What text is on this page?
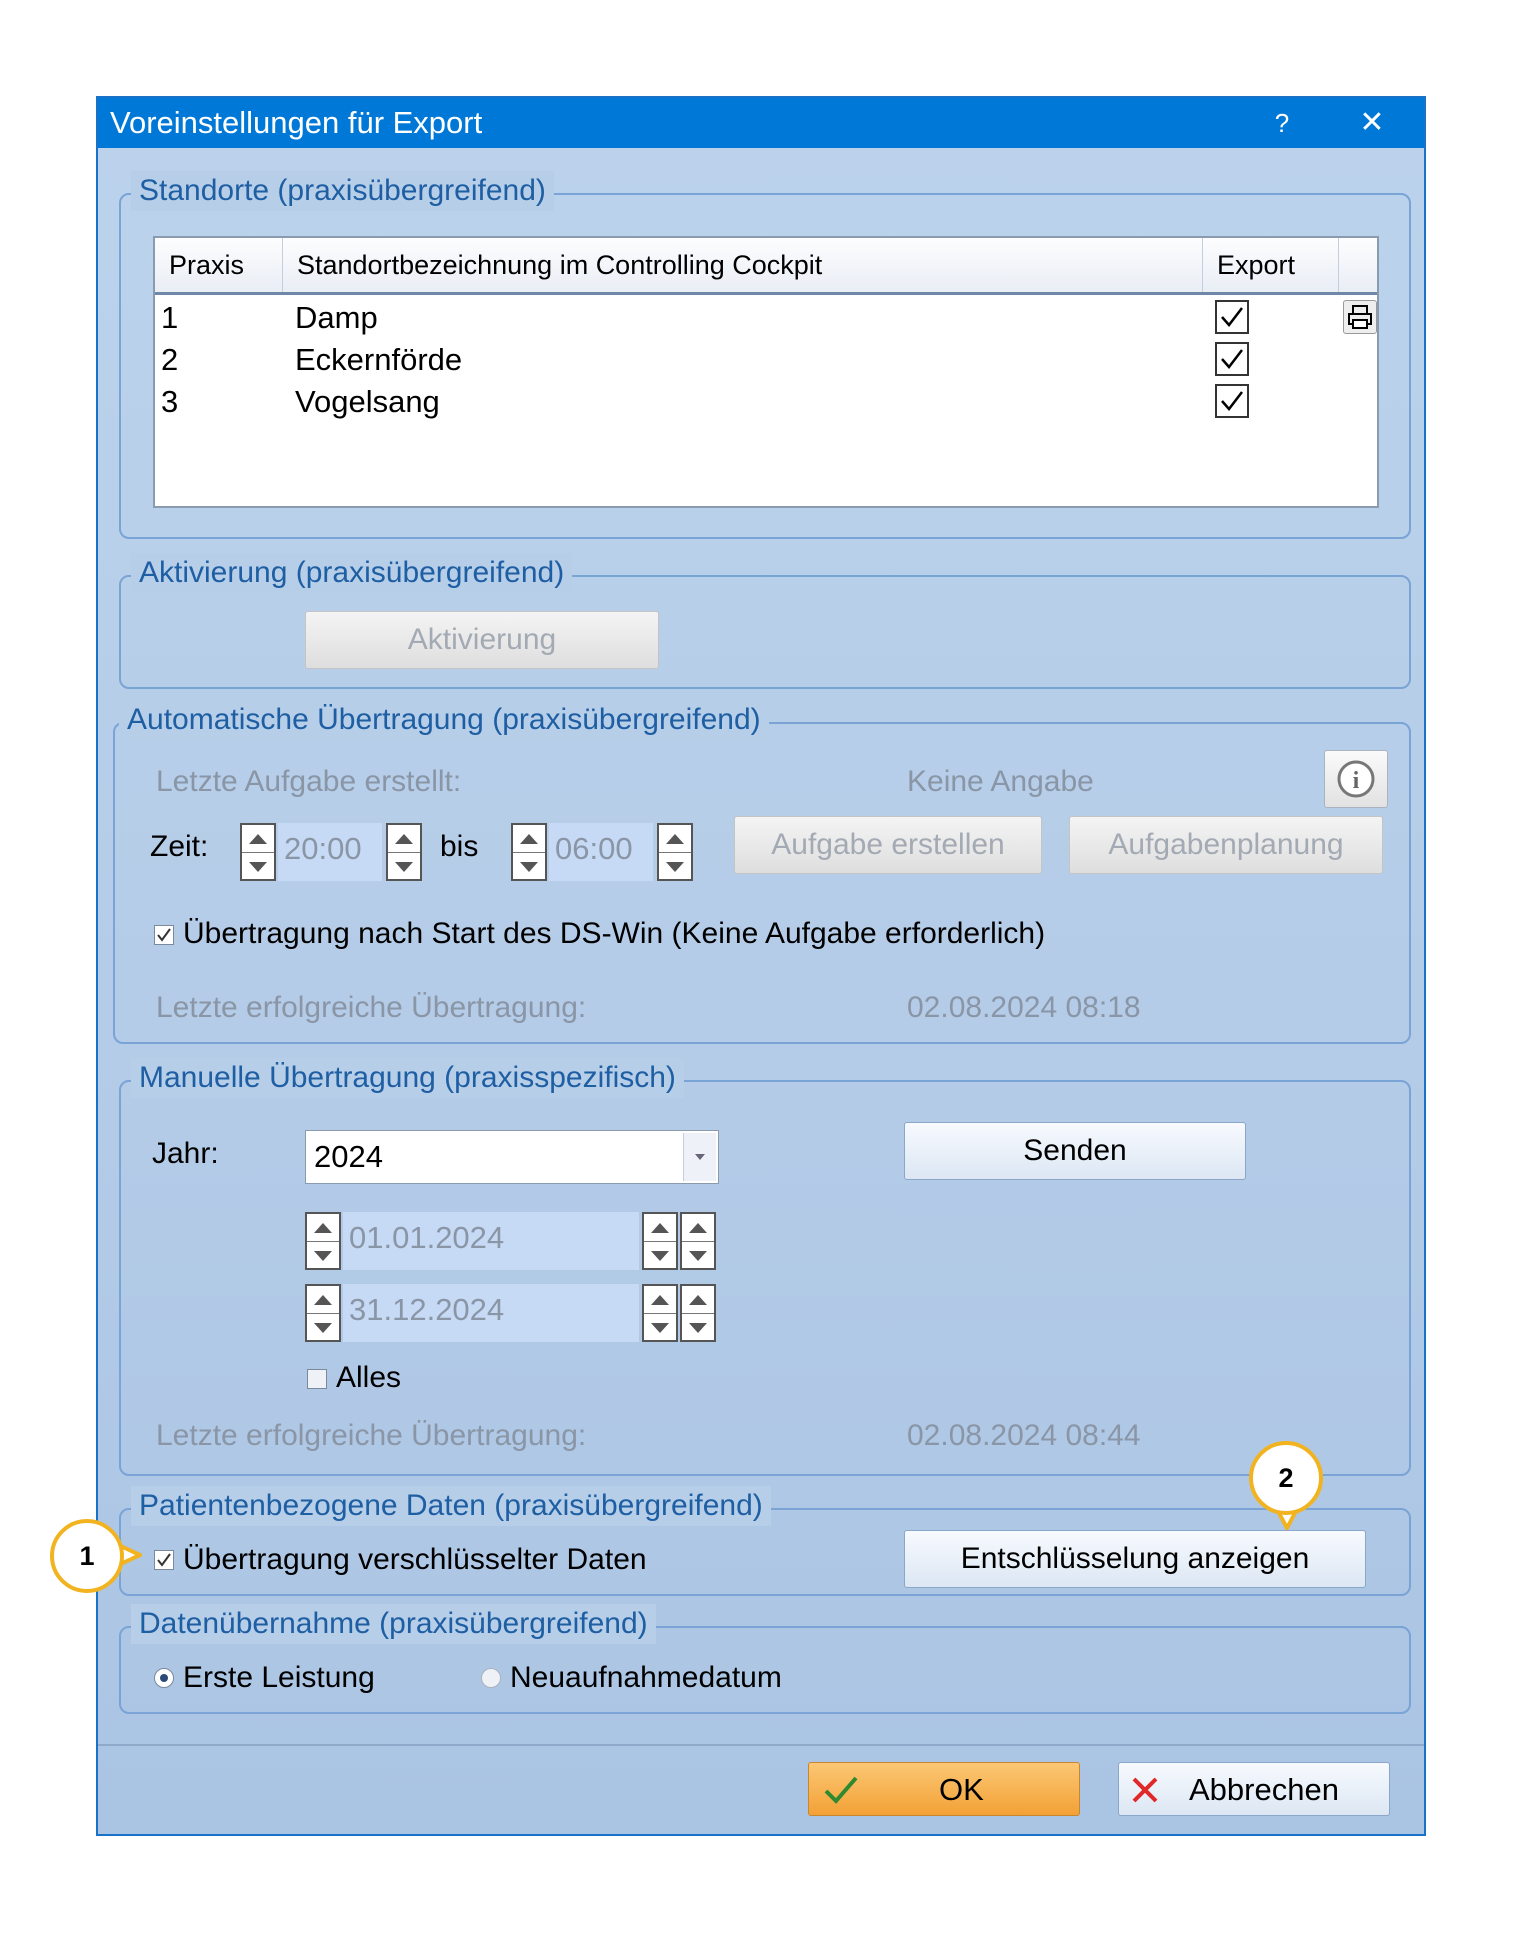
Voreinstellungen für Export	?	✕
Standorte (praxisübergreifend)
Praxis	Standortbezeichnung im Controlling Cockpit	Export
1	Damp
2	Eckernförde
3	Vogelsang
Aktivierung (praxisübergreifend)
Aktivierung
Automatische Übertragung (praxisübergreifend)
Letzte Aufgabe erstellt:	Keine Angabe	i
Zeit: 20:00	bis 06:00	Aufgabe erstellen	Aufgabenplanung
Übertragung nach Start des DS-Win (Keine Aufgabe erforderlich)
Letzte erfolgreiche Übertragung:	02.08.2024 08:18
Manuelle Übertragung (praxisspezifisch)
Jahr:	2024	Senden
01.01.2024
31.12.2024
Alles
Letzte erfolgreiche Übertragung:	02.08.2024 08:44
Patientenbezogene Daten (praxisübergreifend)
Übertragung verschlüsselter Daten	Entschlüsselung anzeigen
Datenübernahme (praxisübergreifend)
Erste Leistung	Neuaufnahmedatum
OK	Abbrechen
1
2
